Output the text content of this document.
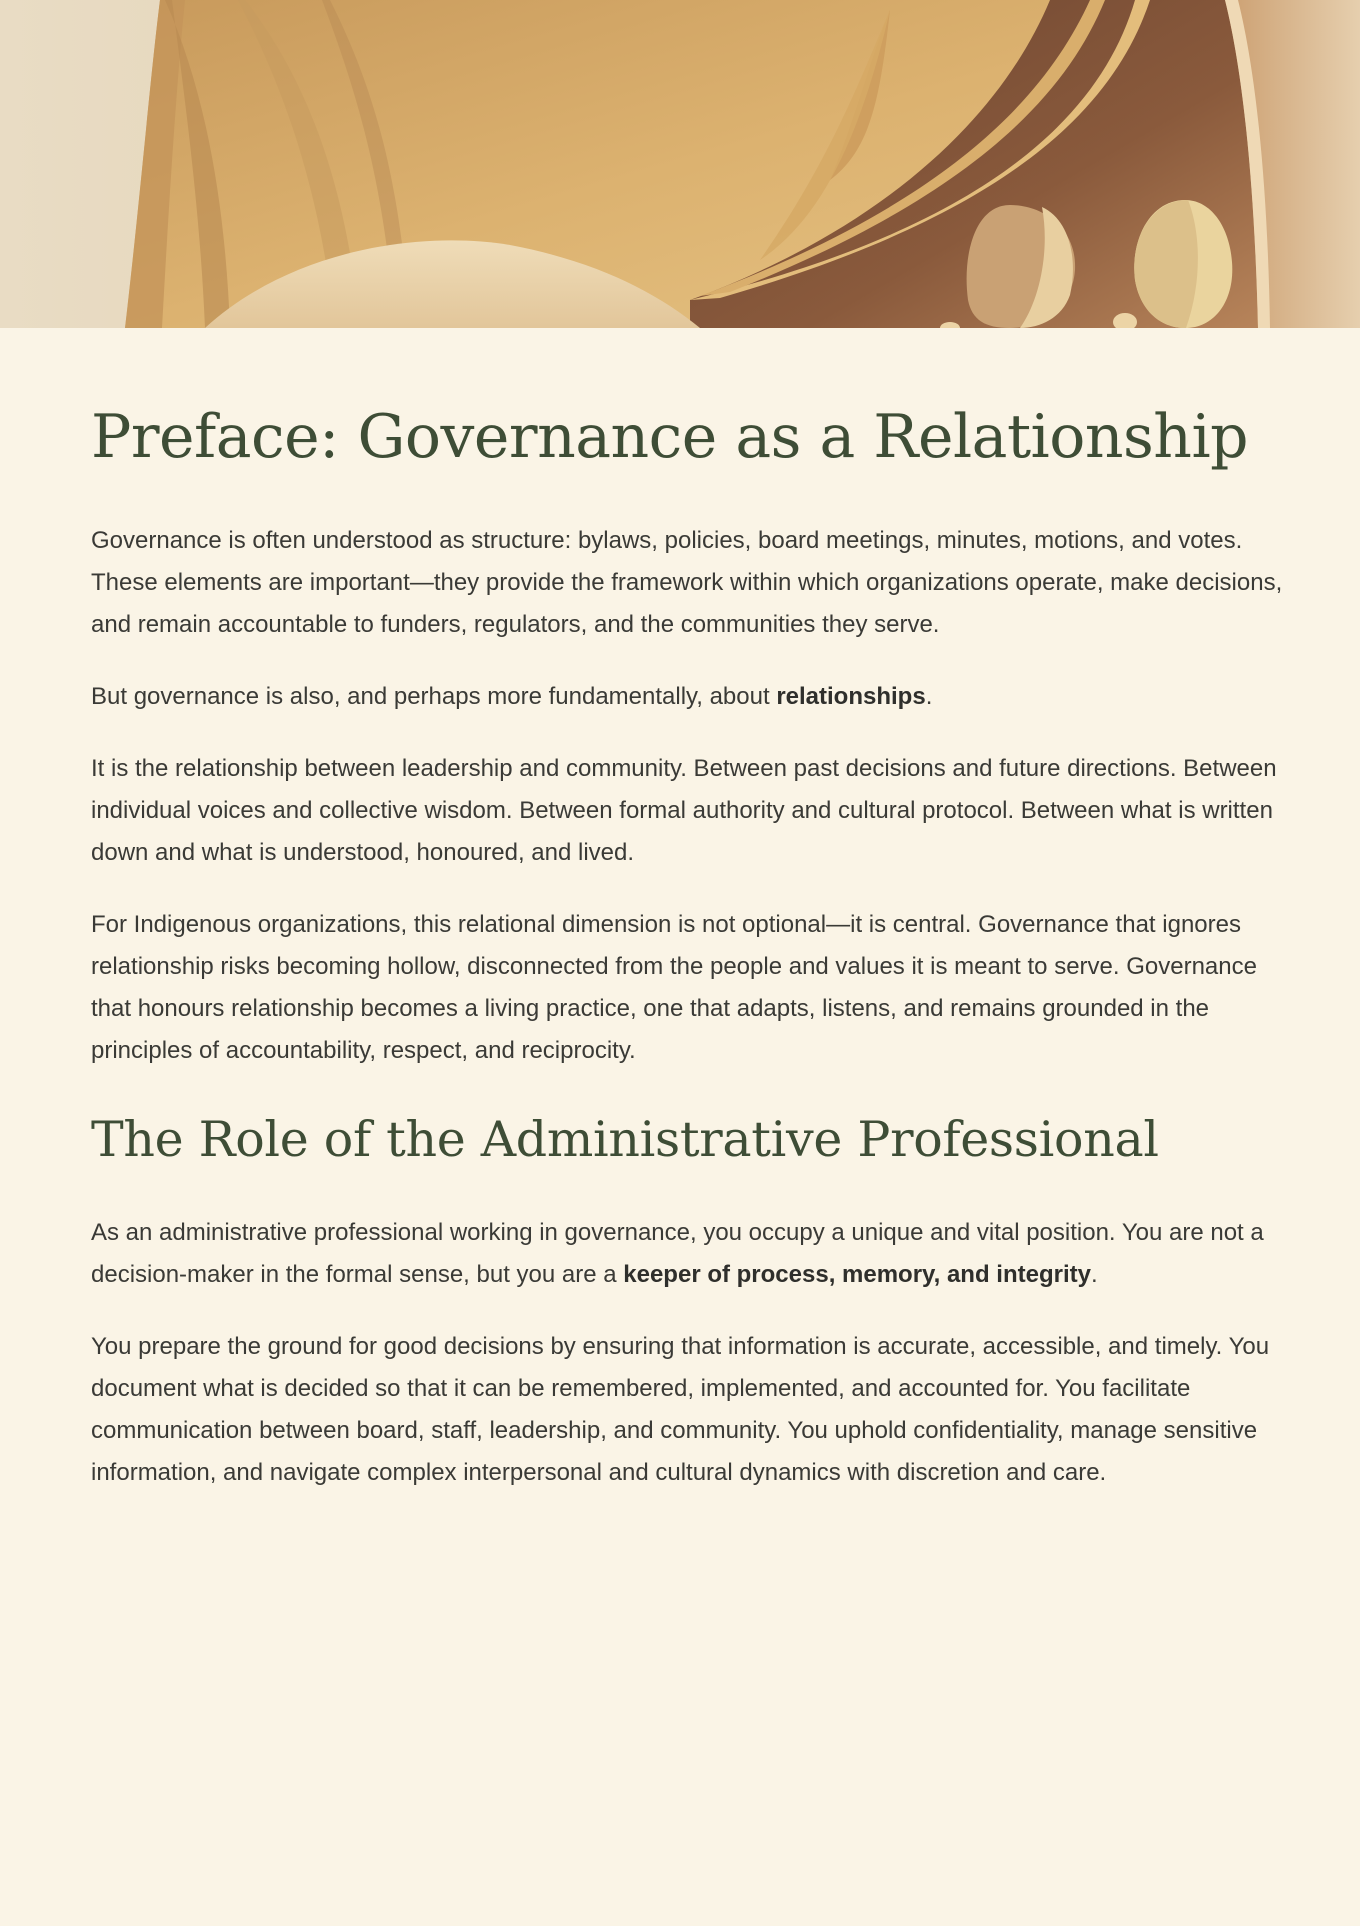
Preface: Governance as a Relationship

Governance is often understood as structure: bylaws, policies, board meetings, minutes, motions, and votes. These elements are important—they provide the framework within which organizations operate, make decisions, and remain accountable to funders, regulators, and the communities they serve.

But governance is also, and perhaps more fundamentally, about relationships.

It is the relationship between leadership and community. Between past decisions and future directions. Between individual voices and collective wisdom. Between formal authority and cultural protocol. Between what is written down and what is understood, honoured, and lived.

For Indigenous organizations, this relational dimension is not optional—it is central. Governance that ignores relationship risks becoming hollow, disconnected from the people and values it is meant to serve. Governance that honours relationship becomes a living practice, one that adapts, listens, and remains grounded in the principles of accountability, respect, and reciprocity.

The Role of the Administrative Professional

As an administrative professional working in governance, you occupy a unique and vital position. You are not a decision-maker in the formal sense, but you are a keeper of process, memory, and integrity.

You prepare the ground for good decisions by ensuring that information is accurate, accessible, and timely. You document what is decided so that it can be remembered, implemented, and accounted for. You facilitate communication between board, staff, leadership, and community. You uphold confidentiality, manage sensitive information, and navigate complex interpersonal and cultural dynamics with discretion and care.
